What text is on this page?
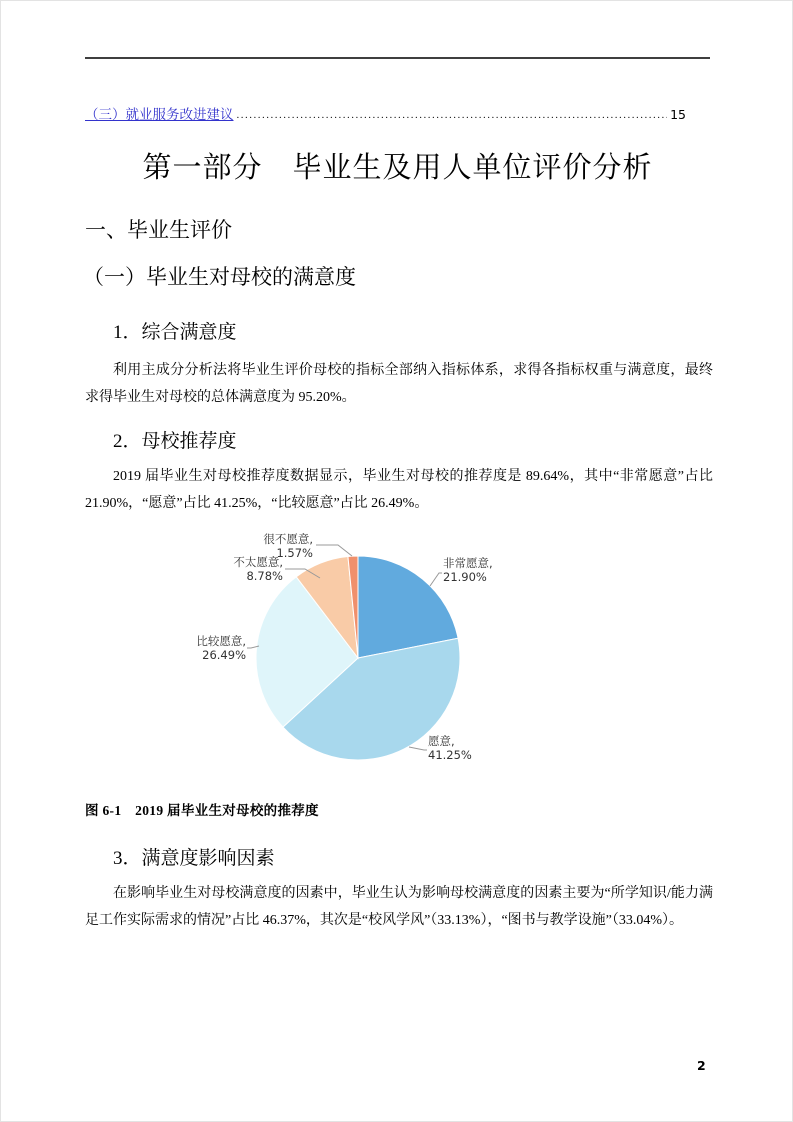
（三）就业服务改进建议 .....	15
第一部分　毕业生及用人单位评价分析
一、毕业生评价
（一）毕业生对母校的满意度
1．综合满意度
利用主成分分析法将毕业生评价母校的指标全部纳入指标体系，求得各指标权重与满意度，最终求得毕业生对母校的总体满意度为 95.20%。
2．母校推荐度
2019 届毕业生对母校推荐度数据显示，毕业生对母校的推荐度是 89.64%，其中“非常愿意”占比 21.90%，“愿意”占比 41.25%，“比较愿意”占比 26.49%。
非常愿意,
21.90%
愿意,
41.25%
比较愿意,
26.49%
不太愿意,
8.78%
很不愿意,
1.57%
图 6-1　2019 届毕业生对母校的推荐度
3．满意度影响因素
在影响毕业生对母校满意度的因素中，毕业生认为影响母校满意度的因素主要为“所学知识/能力满足工作实际需求的情况”占比 46.37%，其次是“校风学风”（33.13%），“图书与教学设施”（33.04%）。
2
